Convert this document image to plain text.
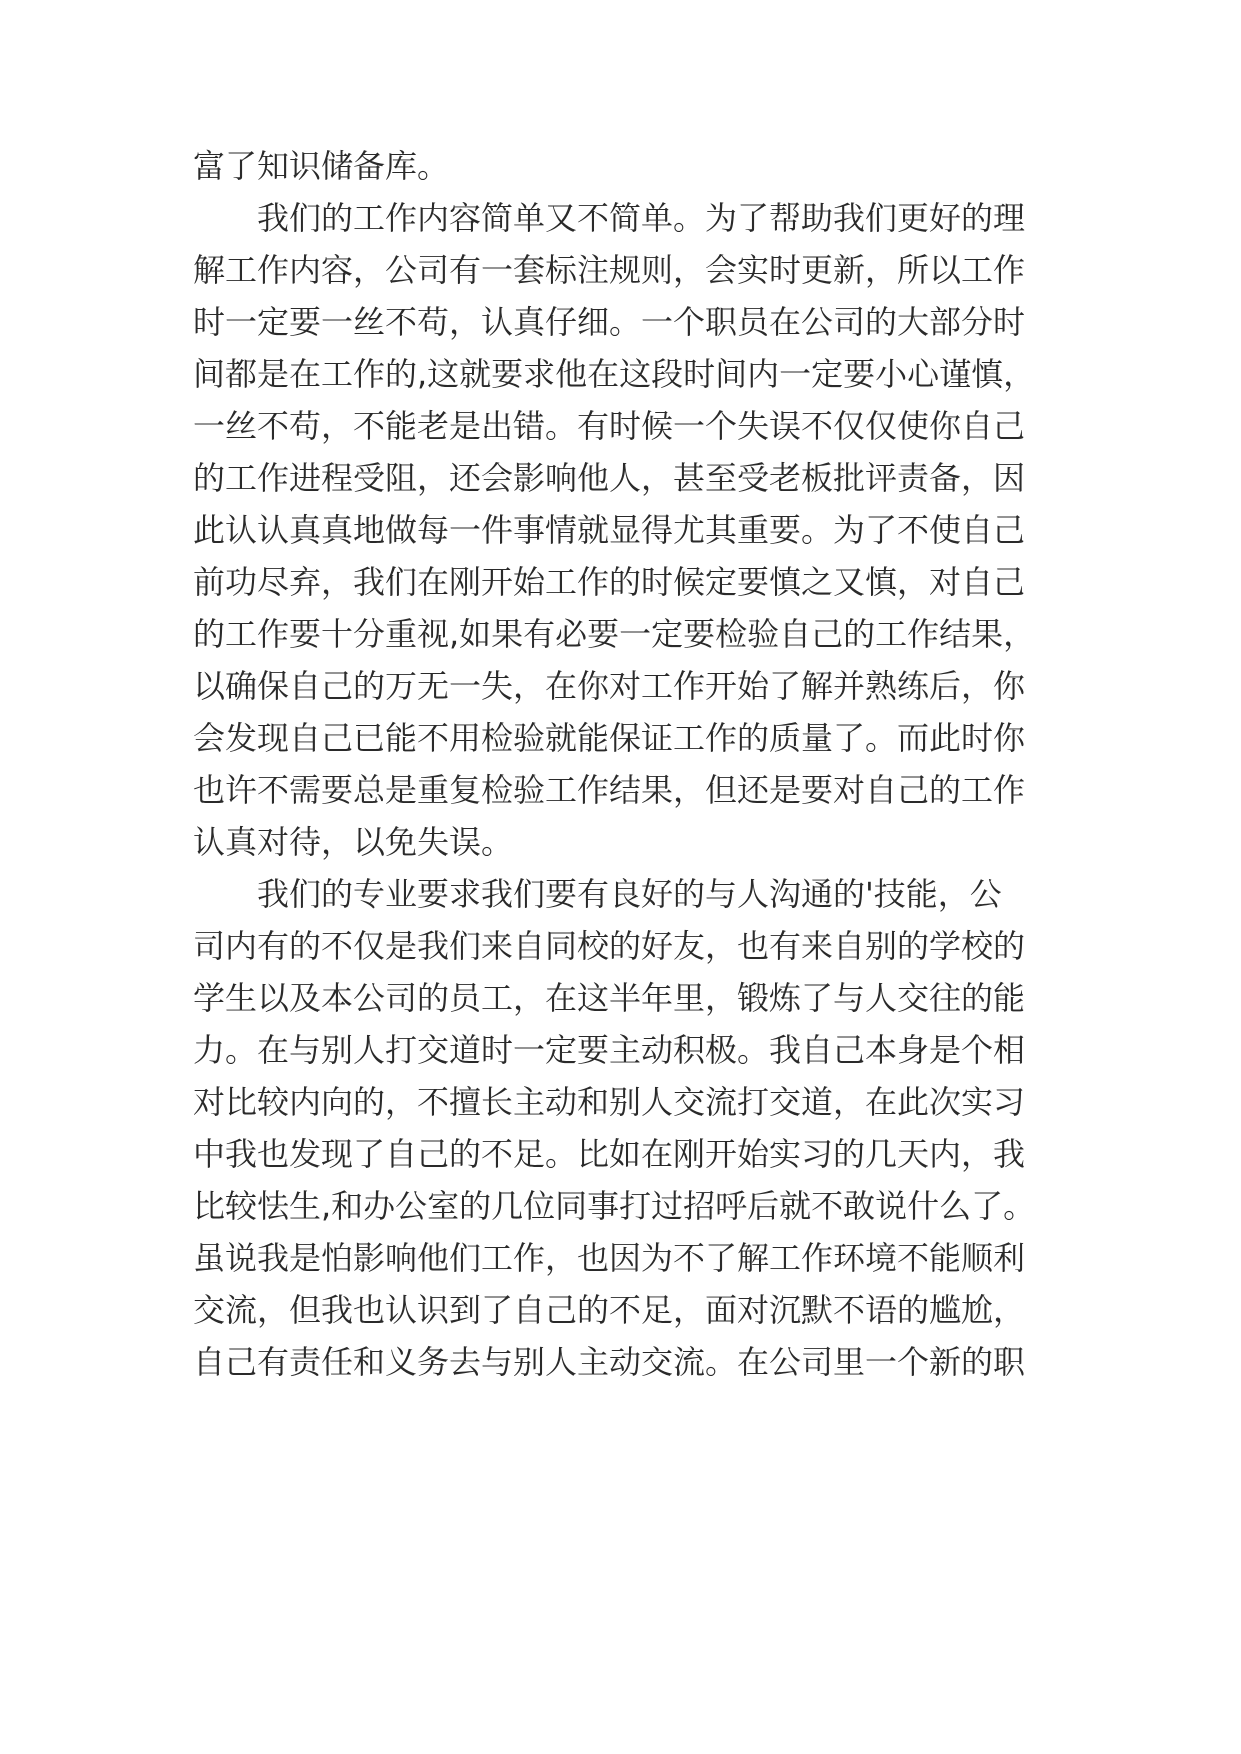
富了知识储备库。

我们的工作内容简单又不简单。为了帮助我们更好的理

解工作内容，公司有一套标注规则，会实时更新，所以工作

时一定要一丝不苟，认真仔细。一个职员在公司的大部分时

间都是在工作的,这就要求他在这段时间内一定要小心谨慎，

一丝不苟，不能老是出错。有时候一个失误不仅仅使你自己

的工作进程受阻，还会影响他人，甚至受老板批评责备，因

此认认真真地做每一件事情就显得尤其重要。为了不使自己

前功尽弃，我们在刚开始工作的时候定要慎之又慎，对自己

的工作要十分重视,如果有必要一定要检验自己的工作结果，

以确保自己的万无一失，在你对工作开始了解并熟练后，你

会发现自己已能不用检验就能保证工作的质量了。而此时你

也许不需要总是重复检验工作结果，但还是要对自己的工作

认真对待，以免失误。

我们的专业要求我们要有良好的与人沟通的'技能，公

司内有的不仅是我们来自同校的好友，也有来自别的学校的

学生以及本公司的员工，在这半年里，锻炼了与人交往的能

力。在与别人打交道时一定要主动积极。我自己本身是个相

对比较内向的，不擅长主动和别人交流打交道，在此次实习

中我也发现了自己的不足。比如在刚开始实习的几天内，我

比较怯生,和办公室的几位同事打过招呼后就不敢说什么了。

虽说我是怕影响他们工作，也因为不了解工作环境不能顺利

交流，但我也认识到了自己的不足，面对沉默不语的尴尬，

自己有责任和义务去与别人主动交流。在公司里一个新的职
